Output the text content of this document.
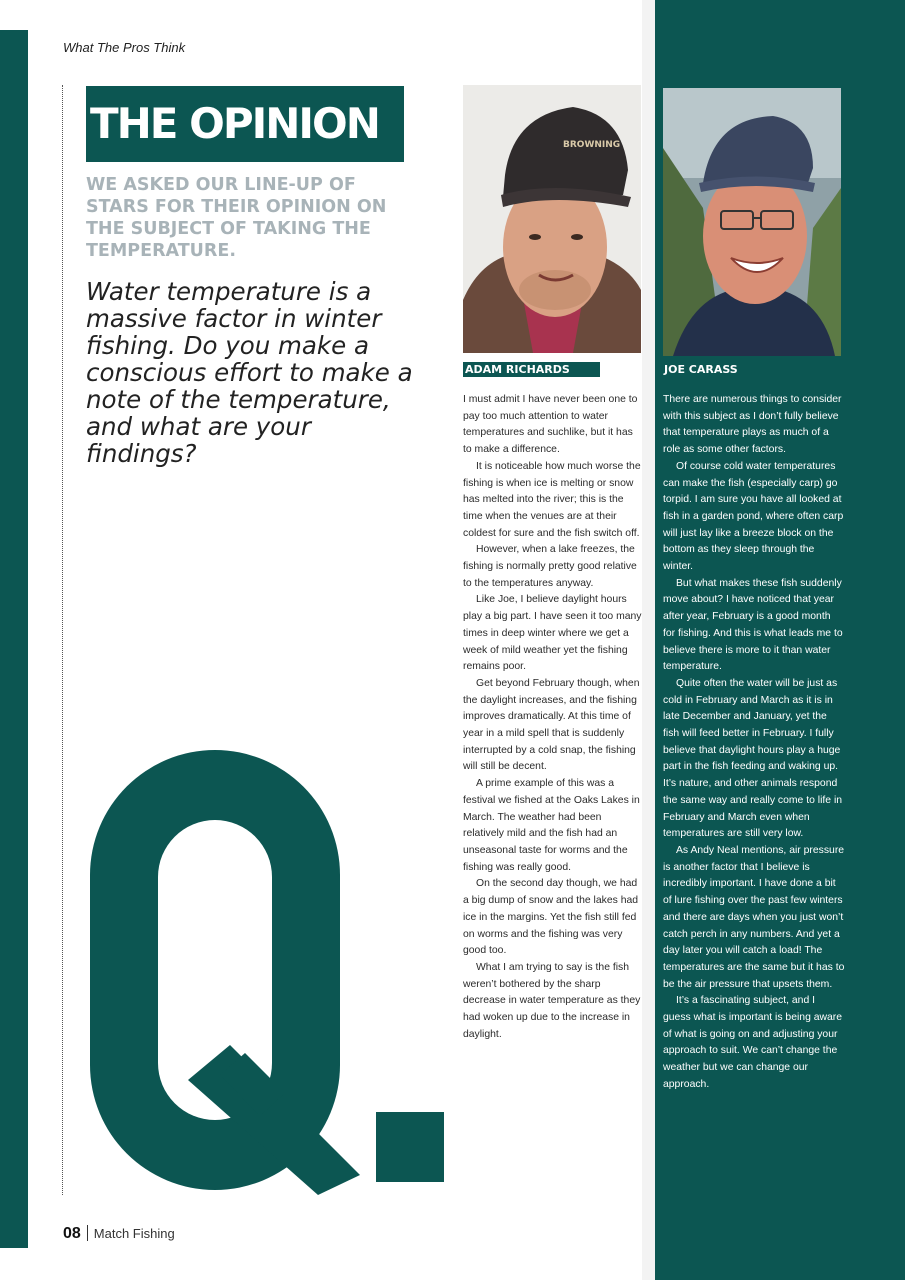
What The Pros Think

THE OPINION

WE ASKED OUR LINE-UP OF STARS FOR THEIR OPINION ON THE SUBJECT OF TAKING THE TEMPERATURE.

Water temperature is a massive factor in winter fishing. Do you make a conscious effort to make a note of the temperature, and what are your findings?

BROWNING

ADAM RICHARDS	JOE CARASS

I must admit I have never been one to pay too much attention to water temperatures and suchlike, but it has to make a difference.

It is noticeable how much worse the fishing is when ice is melting or snow has melted into the river; this is the time when the venues are at their coldest for sure and the fish switch off.

However, when a lake freezes, the fishing is normally pretty good relative to the temperatures anyway.

Like Joe, I believe daylight hours play a big part. I have seen it too many times in deep winter where we get a week of mild weather yet the fishing remains poor.

Get beyond February though, when the daylight increases, and the fishing improves dramatically. At this time of year in a mild spell that is suddenly interrupted by a cold snap, the fishing will still be decent.

A prime example of this was a festival we fished at the Oaks Lakes in March. The weather had been relatively mild and the fish had an unseasonal taste for worms and the fishing was really good.

On the second day though, we had a big dump of snow and the lakes had ice in the margins. Yet the fish still fed on worms and the fishing was very good too.

What I am trying to say is the fish weren’t bothered by the sharp decrease in water temperature as they had woken up due to the increase in daylight.

There are numerous things to consider with this subject as I don’t fully believe that temperature plays as much of a role as some other factors.

Of course cold water temperatures can make the fish (especially carp) go torpid. I am sure you have all looked at fish in a garden pond, where often carp will just lay like a breeze block on the bottom as they sleep through the winter.

But what makes these fish suddenly move about? I have noticed that year after year, February is a good month for fishing. And this is what leads me to believe there is more to it than water temperature.

Quite often the water will be just as cold in February and March as it is in late December and January, yet the fish will feed better in February. I fully believe that daylight hours play a huge part in the fish feeding and waking up. It’s nature, and other animals respond the same way and really come to life in February and March even when temperatures are still very low.

As Andy Neal mentions, air pressure is another factor that I believe is incredibly important. I have done a bit of lure fishing over the past few winters and there are days when you just won’t catch perch in any numbers. And yet a day later you will catch a load! The temperatures are the same but it has to be the air pressure that upsets them.

It’s a fascinating subject, and I guess what is important is being aware of what is going on and adjusting your approach to suit. We can’t change the weather but we can change our approach.

08 Match Fishing
